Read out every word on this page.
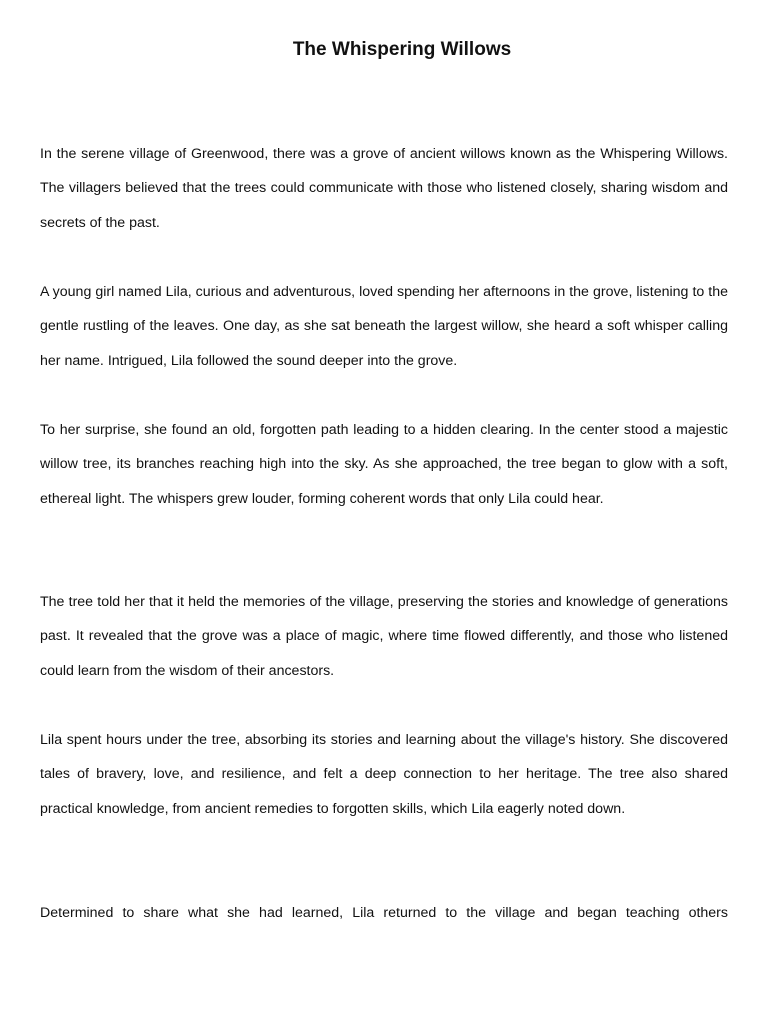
The Whispering Willows

In the serene village of Greenwood, there was a grove of ancient willows known as the Whispering Willows. The villagers believed that the trees could communicate with those who listened closely, sharing wisdom and secrets of the past.

A young girl named Lila, curious and adventurous, loved spending her afternoons in the grove, listening to the gentle rustling of the leaves. One day, as she sat beneath the largest willow, she heard a soft whisper calling her name. Intrigued, Lila followed the sound deeper into the grove.

To her surprise, she found an old, forgotten path leading to a hidden clearing. In the center stood a majestic willow tree, its branches reaching high into the sky. As she approached, the tree began to glow with a soft, ethereal light. The whispers grew louder, forming coherent words that only Lila could hear.

The tree told her that it held the memories of the village, preserving the stories and knowledge of generations past. It revealed that the grove was a place of magic, where time flowed differently, and those who listened could learn from the wisdom of their ancestors.

Lila spent hours under the tree, absorbing its stories and learning about the village's history. She discovered tales of bravery, love, and resilience, and felt a deep connection to her heritage. The tree also shared practical knowledge, from ancient remedies to forgotten skills, which Lila eagerly noted down.

Determined to share what she had learned, Lila returned to the village and began teaching others
